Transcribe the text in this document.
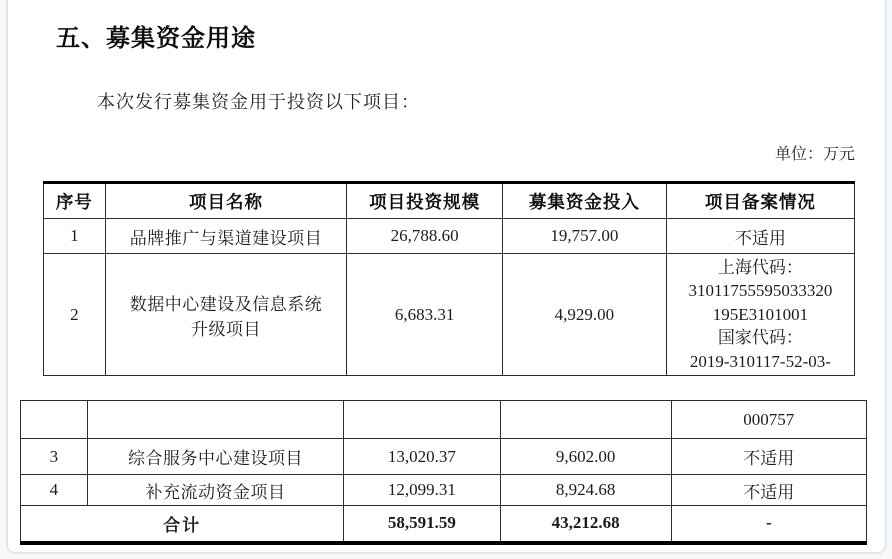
五、募集资金用途
本次发行募集资金用于投资以下项目：
单位：万元
序号	项目名称	项目投资规模	募集资金投入	项目备案情况
1	品牌推广与渠道建设项目	26,788.60	19,757.00	不适用
2	数据中心建设及信息系统升级项目	6,683.31	4,929.00	上海代码：
31011755595033320
195E3101001
国家代码：
2019-310117-52-03-
				000757
3	综合服务中心建设项目	13,020.37	9,602.00	不适用
4	补充流动资金项目	12,099.31	8,924.68	不适用
合计		58,591.59	43,212.68	-
